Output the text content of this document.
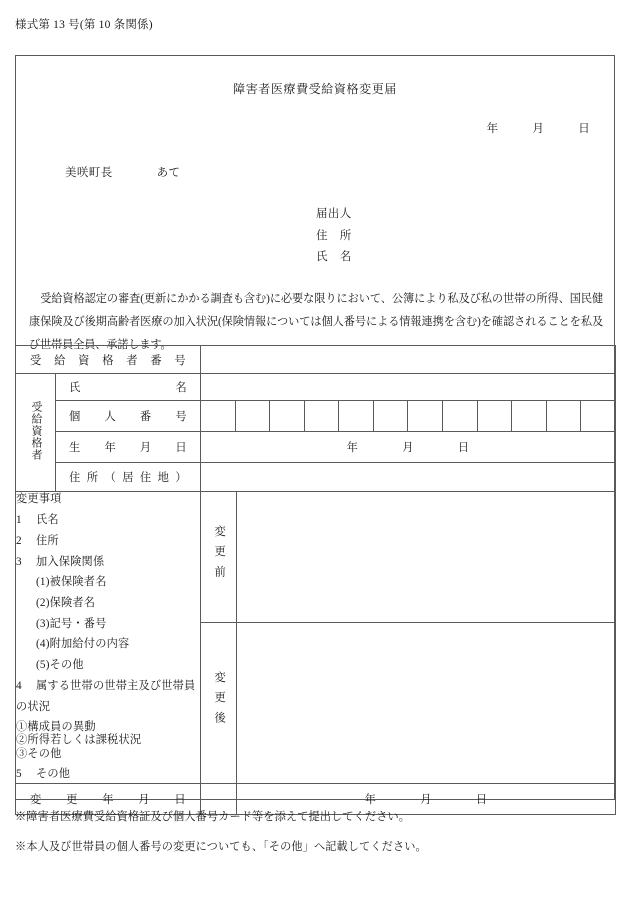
様式第 13 号(第 10 条関係)
障害者医療費受給資格変更届
年	月	日
美咲町長	あて
届出人
住　所
氏　名

受給資格認定の審査(更新にかかる調査も含む)に必要な限りにおいて、公簿により私及び私の世帯の所得、国民健康保険及び後期高齢者医療の加入状況(保険情報については個人番号による情報連携を含む)を確認されることを私及び世帯員全員、承諾します。

受給資格者番号			

受給資格者	氏名		

	個人番号		

	生年月日	年 月 日	

	住所（居住地）		

変更事項
1 氏名
2 住所
3 加入保険関係
(1)被保険者名
(2)保険者名
(3)記号・番号
(4)附加給付の内容
(5)その他
4 属する世帯の世帯主及び世帯員
の状況
①構成員の異動
②所得若しくは課税状況
③その他
5 その他
	変更前	
		変更後	

変更年月日			年 月 日
※障害者医療費受給資格証及び個人番号カード等を添えて提出してください。
※本人及び世帯員の個人番号の変更についても、「その他」へ記載してください。
